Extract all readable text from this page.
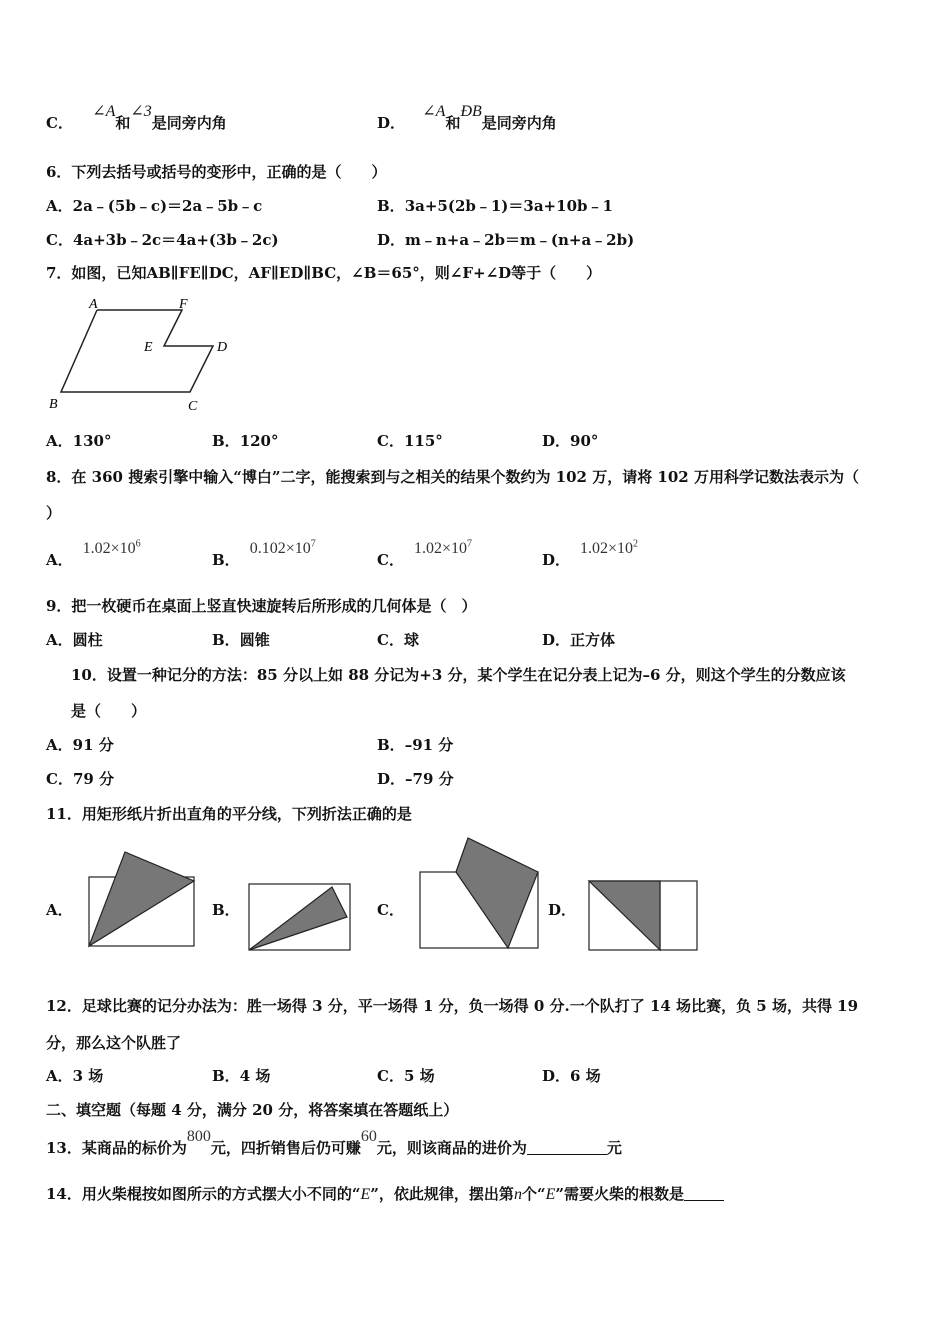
C． ∠A和∠3是同旁内角	D． ∠A和ÐB是同旁内角
6．下列去括号或括号的变形中，正确的是（　　）
A．2a﹣(5b﹣c)＝2a﹣5b﹣c	B．3a+5(2b﹣1)＝3a+10b﹣1
C．4a+3b﹣2c＝4a+(3b﹣2c)	D．m﹣n+a﹣2b＝m﹣(n+a﹣2b)
7．如图，已知AB∥FE∥DC，AF∥ED∥BC，∠B＝65°，则∠F+∠D等于（　　）
A	F
E	D
B	C
A．130°	B．120°	C．115°	D．90°
8．在 360 搜索引擎中输入“博白”二字，能搜索到与之相关的结果个数约为 102 万，请将 102 万用科学记数法表示为（
）
A．$1.02\times 10^6$
B．$0.102\times 10^7$
C．$1.02\times 10^7$
D．$1.02\times 10^2$
9．把一枚硬币在桌面上竖直快速旋转后所形成的几何体是（　）
A．圆柱	B．圆锥	C．球	D．正方体
10．设置一种记分的方法：85 分以上如 88 分记为+3 分，某个学生在记分表上记为–6 分，则这个学生的分数应该
是（　　）
A．91 分	B．–91 分
C．79 分	D．–79 分
11．用矩形纸片折出直角的平分线，下列折法正确的是
A．	B．	C．	D．
12．足球比赛的记分办法为：胜一场得 3 分，平一场得 1 分，负一场得 0 分.一个队打了 14 场比赛，负 5 场，共得 19
分，那么这个队胜了
A．3 场	B．4 场	C．5 场	D．6 场
二、填空题（每题 4 分，满分 20 分，将答案填在答题纸上）
13．某商品的标价为800元，四折销售后仍可赚60元，则该商品的进价为	元
14．用火柴棍按如图所示的方式摆大小不同的“E”，依此规律，摆出第n个“E”需要火柴的根数是
